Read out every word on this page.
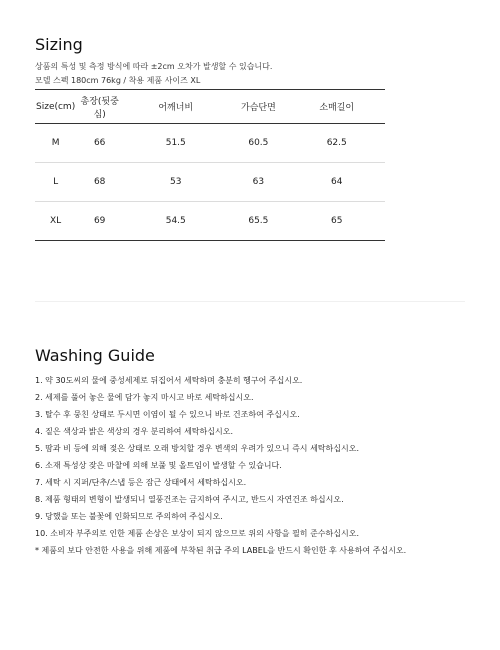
Sizing
상품의 특성 및 측정 방식에 따라 ±2cm 오차가 발생할 수 있습니다.
모델 스펙 180cm 76kg / 착용 제품 사이즈 XL
Size(cm)	총장(뒷중심)	어깨너비	가슴단면	소매길이
M	66	51.5	60.5	62.5
L	68	53	63	64
XL	69	54.5	65.5	65
Washing Guide
1. 약 30도씨의 물에 중성세제로 뒤집어서 세탁하며 충분히 헹구어 주십시오.
2. 세제를 풀어 놓은 물에 담가 놓지 마시고 바로 세탁하십시오.
3. 탈수 후 뭉친 상태로 두시면 이염이 될 수 있으니 바로 건조하여 주십시오.
4. 짙은 색상과 밝은 색상의 경우 분리하여 세탁하십시오.
5. 땀과 비 등에 의해 젖은 상태로 오래 방치할 경우 변색의 우려가 있으니 즉시 세탁하십시오.
6. 소재 특성상 잦은 마찰에 의해 보풀 및 올트임이 발생할 수 있습니다.
7. 세탁 시 지퍼/단추/스냅 등은 잠근 상태에서 세탁하십시오.
8. 제품 형태의 변형이 발생되니 열풍건조는 금지하여 주시고, 반드시 자연건조 하십시오.
9. 당했을 또는 불꽃에 인화되므로 주의하여 주십시오.
10. 소비자 부주의로 인한 제품 손상은 보상이 되지 않으므로 위의 사항을 필히 준수하십시오.
* 제품의 보다 안전한 사용을 위해 제품에 부착된 취급 주의 LABEL을 반드시 확인한 후 사용하여 주십시오.
